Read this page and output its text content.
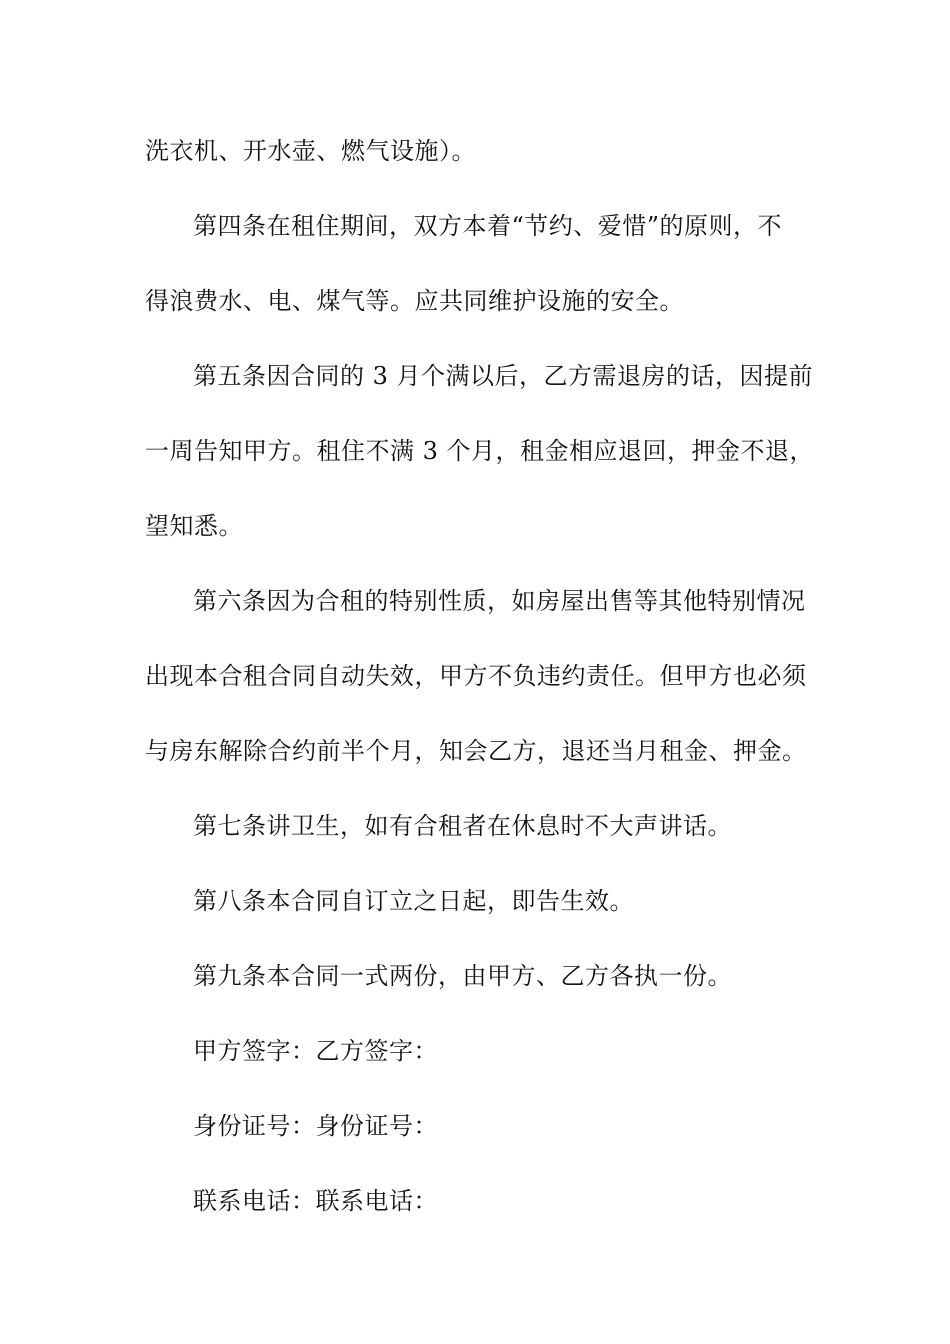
洗衣机、开水壶、燃气设施）。
第四条在租住期间，双方本着“节约、爱惜”的原则，不
得浪费水、电、煤气等。应共同维护设施的安全。
第五条因合同的 3 月个满以后，乙方需退房的话，因提前
一周告知甲方。租住不满 3 个月，租金相应退回，押金不退，
望知悉。
第六条因为合租的特别性质，如房屋出售等其他特别情况
出现本合租合同自动失效，甲方不负违约责任。但甲方也必须
与房东解除合约前半个月，知会乙方，退还当月租金、押金。
第七条讲卫生，如有合租者在休息时不大声讲话。
第八条本合同自订立之日起，即告生效。
第九条本合同一式两份，由甲方、乙方各执一份。
甲方签字：乙方签字：
身份证号：身份证号：
联系电话：联系电话：
